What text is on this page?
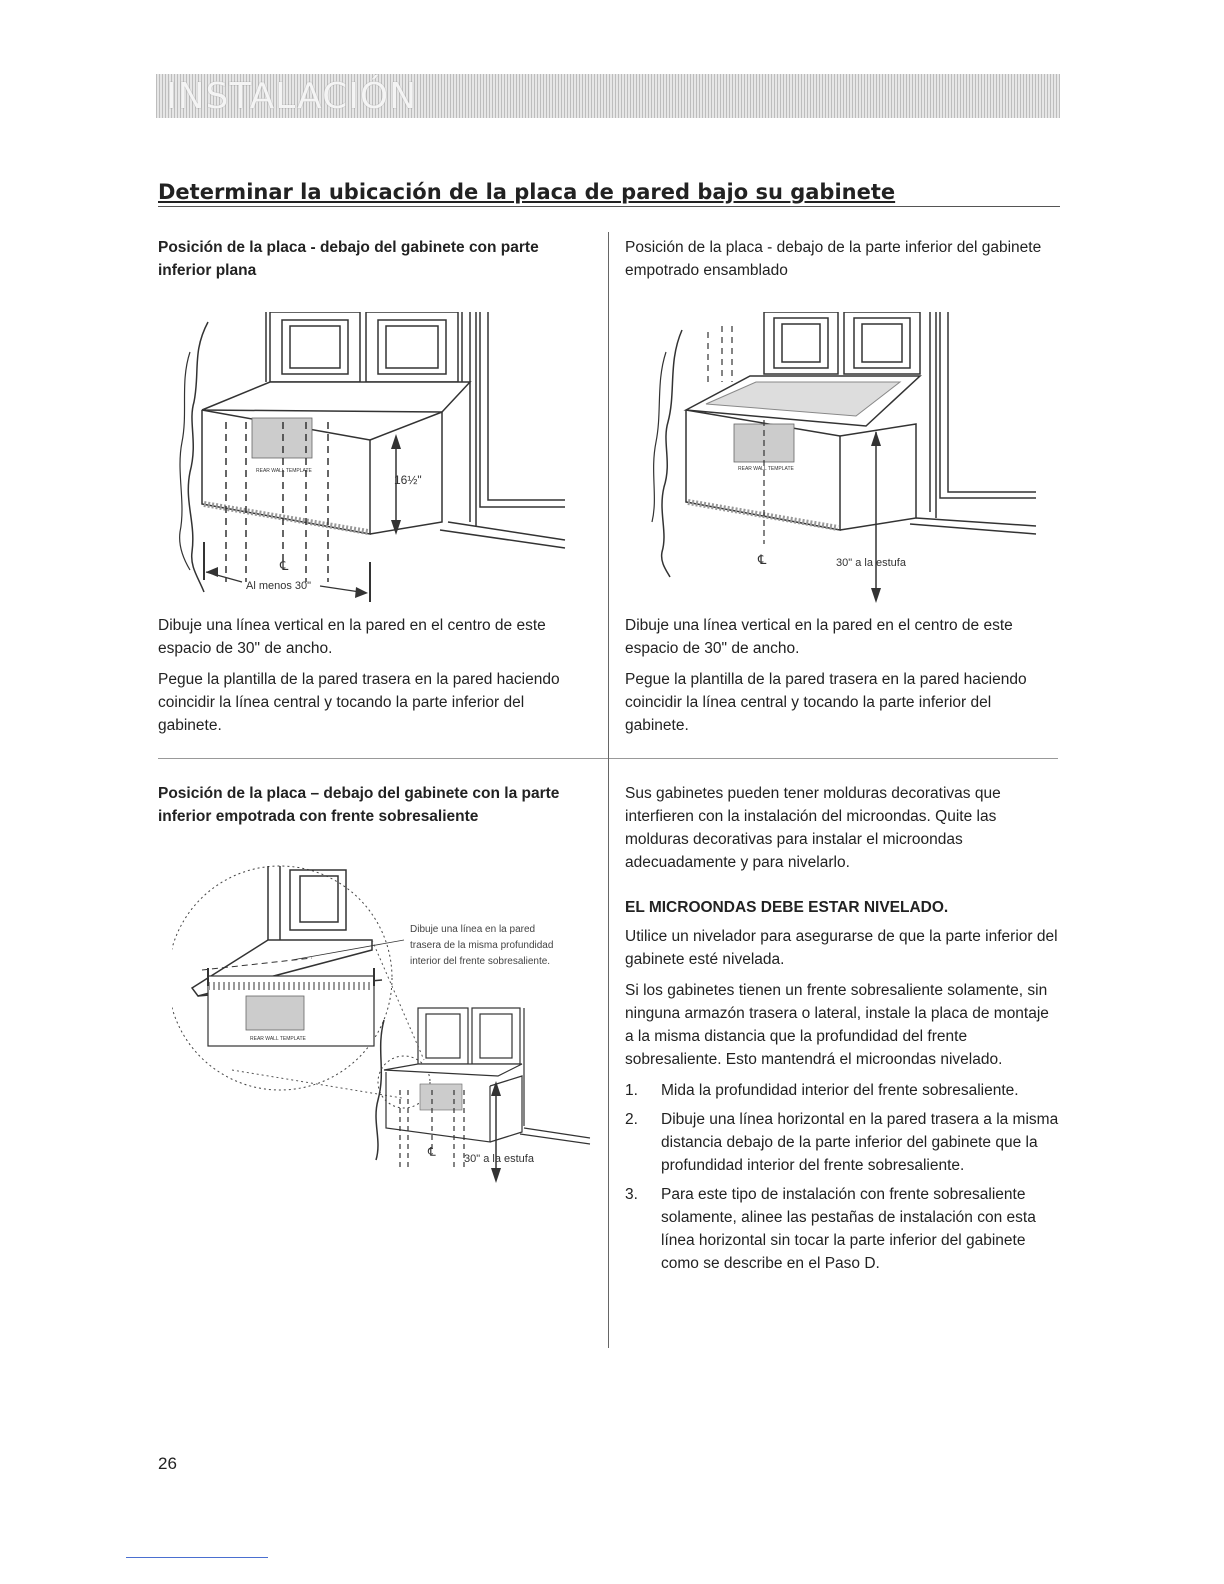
INSTALACIÓN
Determinar la ubicación de la placa de pared bajo su gabinete
Posición de la placa - debajo del gabinete con parte inferior plana
REAR WALL TEMPLATE
16½"
℄
Al menos 30"

Dibuje una línea vertical en la pared en el centro de este espacio de 30" de ancho.

Pegue la plantilla de la pared trasera en la pared haciendo coincidir la línea central y tocando la parte inferior del gabinete.

Posición de la placa - debajo de la parte inferior del gabinete empotrado ensamblado
REAR WALL TEMPLATE
℄	30" a la estufa

Dibuje una línea vertical en la pared en el centro de este espacio de 30" de ancho.

Pegue la plantilla de la pared trasera en la pared haciendo coincidir la línea central y tocando la parte inferior del gabinete.

Posición de la placa – debajo del gabinete con la parte inferior empotrada con frente sobresaliente
REAR WALL TEMPLATE
Dibuje una línea en la pared
trasera de la misma profundidad
interior del frente sobresaliente.
℄	30" a la estufa

Sus gabinetes pueden tener molduras decorativas que interfieren con la instalación del microondas. Quite las molduras decorativas para instalar el microondas adecuadamente y para nivelarlo.

EL MICROONDAS DEBE ESTAR NIVELADO.

Utilice un nivelador para asegurarse de que la parte inferior del gabinete esté nivelada.

Si los gabinetes tienen un frente sobresaliente solamente, sin ninguna armazón trasera o lateral, instale la placa de montaje a la misma distancia que la profundidad del frente sobresaliente. Esto mantendrá el microondas nivelado.

1. Mida la profundidad interior del frente sobresaliente.
2. Dibuje una línea horizontal en la pared trasera a la misma distancia debajo de la parte inferior del gabinete que la profundidad interior del frente sobresaliente.
3. Para este tipo de instalación con frente sobresaliente solamente, alinee las pestañas de instalación con esta línea horizontal sin tocar la parte inferior del gabinete como se describe en el Paso D.
26
